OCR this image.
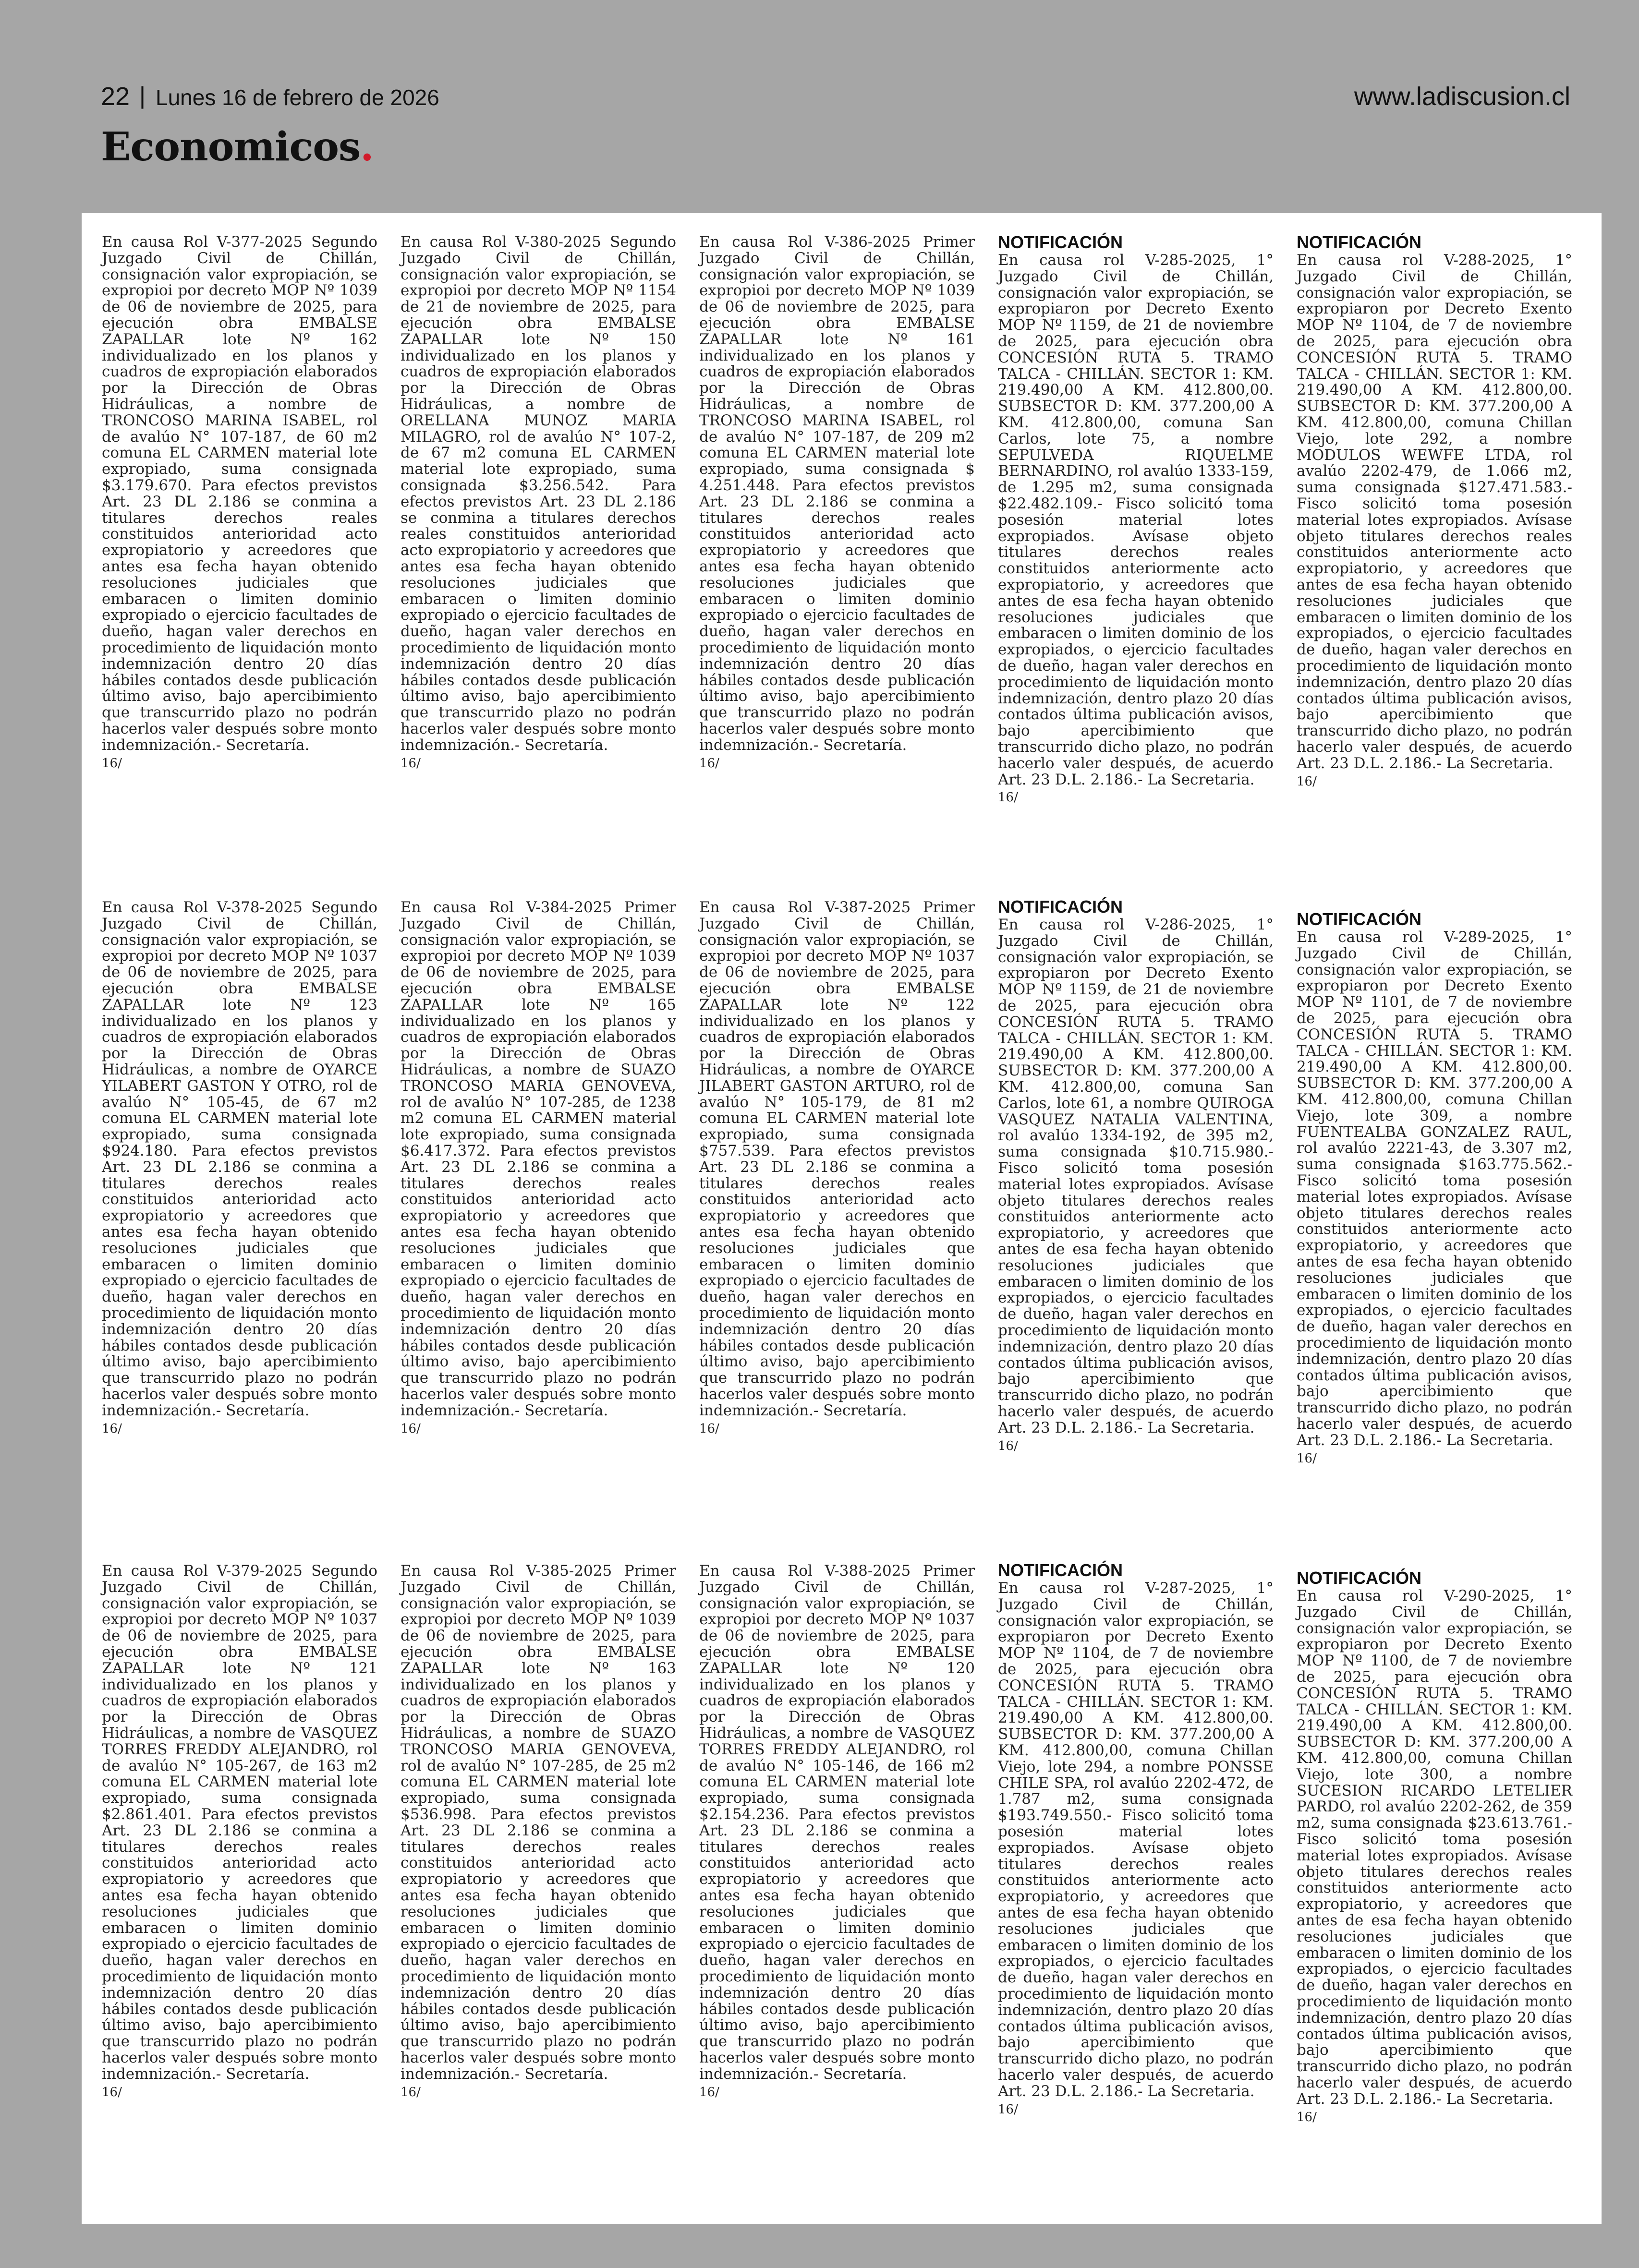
22 | Lunes 16 de febrero de 2026	www.ladiscusion.cl
Economicos.
En causa Rol V-377-2025 Segundo Juzgado Civil de Chillán, consignación valor expropiación, se expropioi por decreto MOP Nº 1039 de 06 de noviembre de 2025, para ejecución obra EMBALSE ZAPALLAR lote Nº 162 individualizado en los planos y cuadros de expropiación elaborados por la Dirección de Obras Hidráulicas, a nombre de TRONCOSO MARINA ISABEL, rol de avalúo N° 107-187, de 60 m2 comuna EL CARMEN material lote expropiado, suma consignada $3.179.670. Para efectos previstos Art. 23 DL 2.186 se conmina a titulares derechos reales constituidos anterioridad acto expropiatorio y acreedores que antes esa fecha hayan obtenido resoluciones judiciales que embaracen o limiten dominio expropiado o ejercicio facultades de dueño, hagan valer derechos en procedimiento de liquidación monto indemnización dentro 20 días hábiles contados desde publicación último aviso, bajo apercibimiento que transcurrido plazo no podrán hacerlos valer después sobre monto indemnización.- Secretaría.
16/
En causa Rol V-378-2025 Segundo Juzgado Civil de Chillán, consignación valor expropiación, se expropioi por decreto MOP Nº 1037 de 06 de noviembre de 2025, para ejecución obra EMBALSE ZAPALLAR lote Nº 123 individualizado en los planos y cuadros de expropiación elaborados por la Dirección de Obras Hidráulicas, a nombre de OYARCE YILABERT GASTON Y OTRO, rol de avalúo N° 105-45, de 67 m2 comuna EL CARMEN material lote expropiado, suma consignada $924.180. Para efectos previstos Art. 23 DL 2.186 se conmina a titulares derechos reales constituidos anterioridad acto expropiatorio y acreedores que antes esa fecha hayan obtenido resoluciones judiciales que embaracen o limiten dominio expropiado o ejercicio facultades de dueño, hagan valer derechos en procedimiento de liquidación monto indemnización dentro 20 días hábiles contados desde publicación último aviso, bajo apercibimiento que transcurrido plazo no podrán hacerlos valer después sobre monto indemnización.- Secretaría.
16/
En causa Rol V-379-2025 Segundo Juzgado Civil de Chillán, consignación valor expropiación, se expropioi por decreto MOP Nº 1037 de 06 de noviembre de 2025, para ejecución obra EMBALSE ZAPALLAR lote Nº 121 individualizado en los planos y cuadros de expropiación elaborados por la Dirección de Obras Hidráulicas, a nombre de VASQUEZ TORRES FREDDY ALEJANDRO, rol de avalúo N° 105-267, de 163 m2 comuna EL CARMEN material lote expropiado, suma consignada $2.861.401. Para efectos previstos Art. 23 DL 2.186 se conmina a titulares derechos reales constituidos anterioridad acto expropiatorio y acreedores que antes esa fecha hayan obtenido resoluciones judiciales que embaracen o limiten dominio expropiado o ejercicio facultades de dueño, hagan valer derechos en procedimiento de liquidación monto indemnización dentro 20 días hábiles contados desde publicación último aviso, bajo apercibimiento que transcurrido plazo no podrán hacerlos valer después sobre monto indemnización.- Secretaría.
16/
En causa Rol V-380-2025 Segundo Juzgado Civil de Chillán, consignación valor expropiación, se expropioi por decreto MOP Nº 1154 de 21 de noviembre de 2025, para ejecución obra EMBALSE ZAPALLAR lote Nº 150 individualizado en los planos y cuadros de expropiación elaborados por la Dirección de Obras Hidráulicas, a nombre de ORELLANA MUNOZ MARIA MILAGRO, rol de avalúo N° 107-2, de 67 m2 comuna EL CARMEN material lote expropiado, suma consignada $3.256.542. Para efectos previstos Art. 23 DL 2.186 se conmina a titulares derechos reales constituidos anterioridad acto expropiatorio y acreedores que antes esa fecha hayan obtenido resoluciones judiciales que embaracen o limiten dominio expropiado o ejercicio facultades de dueño, hagan valer derechos en procedimiento de liquidación monto indemnización dentro 20 días hábiles contados desde publicación último aviso, bajo apercibimiento que transcurrido plazo no podrán hacerlos valer después sobre monto indemnización.- Secretaría.
16/
En causa Rol V-384-2025 Primer Juzgado Civil de Chillán, consignación valor expropiación, se expropioi por decreto MOP Nº 1039 de 06 de noviembre de 2025, para ejecución obra EMBALSE ZAPALLAR lote Nº 165 individualizado en los planos y cuadros de expropiación elaborados por la Dirección de Obras Hidráulicas, a nombre de SUAZO TRONCOSO MARIA GENOVEVA, rol de avalúo N° 107-285, de 1238 m2 comuna EL CARMEN material lote expropiado, suma consignada $6.417.372. Para efectos previstos Art. 23 DL 2.186 se conmina a titulares derechos reales constituidos anterioridad acto expropiatorio y acreedores que antes esa fecha hayan obtenido resoluciones judiciales que embaracen o limiten dominio expropiado o ejercicio facultades de dueño, hagan valer derechos en procedimiento de liquidación monto indemnización dentro 20 días hábiles contados desde publicación último aviso, bajo apercibimiento que transcurrido plazo no podrán hacerlos valer después sobre monto indemnización.- Secretaría.
16/
En causa Rol V-385-2025 Primer Juzgado Civil de Chillán, consignación valor expropiación, se expropioi por decreto MOP Nº 1039 de 06 de noviembre de 2025, para ejecución obra EMBALSE ZAPALLAR lote Nº 163 individualizado en los planos y cuadros de expropiación elaborados por la Dirección de Obras Hidráulicas, a nombre de SUAZO TRONCOSO MARIA GENOVEVA, rol de avalúo N° 107-285, de 25 m2 comuna EL CARMEN material lote expropiado, suma consignada $536.998. Para efectos previstos Art. 23 DL 2.186 se conmina a titulares derechos reales constituidos anterioridad acto expropiatorio y acreedores que antes esa fecha hayan obtenido resoluciones judiciales que embaracen o limiten dominio expropiado o ejercicio facultades de dueño, hagan valer derechos en procedimiento de liquidación monto indemnización dentro 20 días hábiles contados desde publicación último aviso, bajo apercibimiento que transcurrido plazo no podrán hacerlos valer después sobre monto indemnización.- Secretaría.
16/
En causa Rol V-386-2025 Primer Juzgado Civil de Chillán, consignación valor expropiación, se expropioi por decreto MOP Nº 1039 de 06 de noviembre de 2025, para ejecución obra EMBALSE ZAPALLAR lote Nº 161 individualizado en los planos y cuadros de expropiación elaborados por la Dirección de Obras Hidráulicas, a nombre de TRONCOSO MARINA ISABEL, rol de avalúo N° 107-187, de 209 m2 comuna EL CARMEN material lote expropiado, suma consignada $ 4.251.448. Para efectos previstos Art. 23 DL 2.186 se conmina a titulares derechos reales constituidos anterioridad acto expropiatorio y acreedores que antes esa fecha hayan obtenido resoluciones judiciales que embaracen o limiten dominio expropiado o ejercicio facultades de dueño, hagan valer derechos en procedimiento de liquidación monto indemnización dentro 20 días hábiles contados desde publicación último aviso, bajo apercibimiento que transcurrido plazo no podrán hacerlos valer después sobre monto indemnización.- Secretaría.
16/
En causa Rol V-387-2025 Primer Juzgado Civil de Chillán, consignación valor expropiación, se expropioi por decreto MOP Nº 1037 de 06 de noviembre de 2025, para ejecución obra EMBALSE ZAPALLAR lote Nº 122 individualizado en los planos y cuadros de expropiación elaborados por la Dirección de Obras Hidráulicas, a nombre de OYARCE JILABERT GASTON ARTURO, rol de avalúo N° 105-179, de 81 m2 comuna EL CARMEN material lote expropiado, suma consignada $757.539. Para efectos previstos Art. 23 DL 2.186 se conmina a titulares derechos reales constituidos anterioridad acto expropiatorio y acreedores que antes esa fecha hayan obtenido resoluciones judiciales que embaracen o limiten dominio expropiado o ejercicio facultades de dueño, hagan valer derechos en procedimiento de liquidación monto indemnización dentro 20 días hábiles contados desde publicación último aviso, bajo apercibimiento que transcurrido plazo no podrán hacerlos valer después sobre monto indemnización.- Secretaría.
16/
En causa Rol V-388-2025 Primer Juzgado Civil de Chillán, consignación valor expropiación, se expropioi por decreto MOP Nº 1037 de 06 de noviembre de 2025, para ejecución obra EMBALSE ZAPALLAR lote Nº 120 individualizado en los planos y cuadros de expropiación elaborados por la Dirección de Obras Hidráulicas, a nombre de VASQUEZ TORRES FREDDY ALEJANDRO, rol de avalúo N° 105-146, de 166 m2 comuna EL CARMEN material lote expropiado, suma consignada $2.154.236. Para efectos previstos Art. 23 DL 2.186 se conmina a titulares derechos reales constituidos anterioridad acto expropiatorio y acreedores que antes esa fecha hayan obtenido resoluciones judiciales que embaracen o limiten dominio expropiado o ejercicio facultades de dueño, hagan valer derechos en procedimiento de liquidación monto indemnización dentro 20 días hábiles contados desde publicación último aviso, bajo apercibimiento que transcurrido plazo no podrán hacerlos valer después sobre monto indemnización.- Secretaría.
16/
NOTIFICACIÓN
En causa rol V-285-2025, 1° Juzgado Civil de Chillán, consignación valor expropiación, se expropiaron por Decreto Exento MOP Nº 1159, de 21 de noviembre de 2025, para ejecución obra CONCESIÓN RUTA 5. TRAMO TALCA - CHILLÁN. SECTOR 1: KM. 219.490,00 A KM. 412.800,00. SUBSECTOR D: KM. 377.200,00 A KM. 412.800,00, comuna San Carlos, lote 75, a nombre SEPULVEDA RIQUELME BERNARDINO, rol avalúo 1333-159, de 1.295 m2, suma consignada $22.482.109.- Fisco solicitó toma posesión material lotes expropiados. Avísase objeto titulares derechos reales constituidos anteriormente acto expropiatorio, y acreedores que antes de esa fecha hayan obtenido resoluciones judiciales que embaracen o limiten dominio de los expropiados, o ejercicio facultades de dueño, hagan valer derechos en procedimiento de liquidación monto indemnización, dentro plazo 20 días contados última publicación avisos, bajo apercibimiento que transcurrido dicho plazo, no podrán hacerlo valer después, de acuerdo Art. 23 D.L. 2.186.- La Secretaria.
16/
NOTIFICACIÓN
En causa rol V-286-2025, 1° Juzgado Civil de Chillán, consignación valor expropiación, se expropiaron por Decreto Exento MOP Nº 1159, de 21 de noviembre de 2025, para ejecución obra CONCESIÓN RUTA 5. TRAMO TALCA - CHILLÁN. SECTOR 1: KM. 219.490,00 A KM. 412.800,00. SUBSECTOR D: KM. 377.200,00 A KM. 412.800,00, comuna San Carlos, lote 61, a nombre QUIROGA VASQUEZ NATALIA VALENTINA, rol avalúo 1334-192, de 395 m2, suma consignada $10.715.980.- Fisco solicitó toma posesión material lotes expropiados. Avísase objeto titulares derechos reales constituidos anteriormente acto expropiatorio, y acreedores que antes de esa fecha hayan obtenido resoluciones judiciales que embaracen o limiten dominio de los expropiados, o ejercicio facultades de dueño, hagan valer derechos en procedimiento de liquidación monto indemnización, dentro plazo 20 días contados última publicación avisos, bajo apercibimiento que transcurrido dicho plazo, no podrán hacerlo valer después, de acuerdo Art. 23 D.L. 2.186.- La Secretaria.
16/
NOTIFICACIÓN
En causa rol V-287-2025, 1° Juzgado Civil de Chillán, consignación valor expropiación, se expropiaron por Decreto Exento MOP Nº 1104, de 7 de noviembre de 2025, para ejecución obra CONCESIÓN RUTA 5. TRAMO TALCA - CHILLÁN. SECTOR 1: KM. 219.490,00 A KM. 412.800,00. SUBSECTOR D: KM. 377.200,00 A KM. 412.800,00, comuna Chillan Viejo, lote 294, a nombre PONSSE CHILE SPA, rol avalúo 2202-472, de 1.787 m2, suma consignada $193.749.550.- Fisco solicitó toma posesión material lotes expropiados. Avísase objeto titulares derechos reales constituidos anteriormente acto expropiatorio, y acreedores que antes de esa fecha hayan obtenido resoluciones judiciales que embaracen o limiten dominio de los expropiados, o ejercicio facultades de dueño, hagan valer derechos en procedimiento de liquidación monto indemnización, dentro plazo 20 días contados última publicación avisos, bajo apercibimiento que transcurrido dicho plazo, no podrán hacerlo valer después, de acuerdo Art. 23 D.L. 2.186.- La Secretaria.
16/
NOTIFICACIÓN
En causa rol V-288-2025, 1° Juzgado Civil de Chillán, consignación valor expropiación, se expropiaron por Decreto Exento MOP Nº 1104, de 7 de noviembre de 2025, para ejecución obra CONCESIÓN RUTA 5. TRAMO TALCA - CHILLÁN. SECTOR 1: KM. 219.490,00 A KM. 412.800,00. SUBSECTOR D: KM. 377.200,00 A KM. 412.800,00, comuna Chillan Viejo, lote 292, a nombre MODULOS WEWFE LTDA, rol avalúo 2202-479, de 1.066 m2, suma consignada $127.471.583.- Fisco solicitó toma posesión material lotes expropiados. Avísase objeto titulares derechos reales constituidos anteriormente acto expropiatorio, y acreedores que antes de esa fecha hayan obtenido resoluciones judiciales que embaracen o limiten dominio de los expropiados, o ejercicio facultades de dueño, hagan valer derechos en procedimiento de liquidación monto indemnización, dentro plazo 20 días contados última publicación avisos, bajo apercibimiento que transcurrido dicho plazo, no podrán hacerlo valer después, de acuerdo Art. 23 D.L. 2.186.- La Secretaria.
16/
NOTIFICACIÓN
En causa rol V-289-2025, 1° Juzgado Civil de Chillán, consignación valor expropiación, se expropiaron por Decreto Exento MOP Nº 1101, de 7 de noviembre de 2025, para ejecución obra CONCESIÓN RUTA 5. TRAMO TALCA - CHILLÁN. SECTOR 1: KM. 219.490,00 A KM. 412.800,00. SUBSECTOR D: KM. 377.200,00 A KM. 412.800,00, comuna Chillan Viejo, lote 309, a nombre FUENTEALBA GONZALEZ RAUL, rol avalúo 2221-43, de 3.307 m2, suma consignada $163.775.562.- Fisco solicitó toma posesión material lotes expropiados. Avísase objeto titulares derechos reales constituidos anteriormente acto expropiatorio, y acreedores que antes de esa fecha hayan obtenido resoluciones judiciales que embaracen o limiten dominio de los expropiados, o ejercicio facultades de dueño, hagan valer derechos en procedimiento de liquidación monto indemnización, dentro plazo 20 días contados última publicación avisos, bajo apercibimiento que transcurrido dicho plazo, no podrán hacerlo valer después, de acuerdo Art. 23 D.L. 2.186.- La Secretaria.
16/
NOTIFICACIÓN
En causa rol V-290-2025, 1° Juzgado Civil de Chillán, consignación valor expropiación, se expropiaron por Decreto Exento MOP Nº 1100, de 7 de noviembre de 2025, para ejecución obra CONCESIÓN RUTA 5. TRAMO TALCA - CHILLÁN. SECTOR 1: KM. 219.490,00 A KM. 412.800,00. SUBSECTOR D: KM. 377.200,00 A KM. 412.800,00, comuna Chillan Viejo, lote 300, a nombre SUCESION RICARDO LETELIER PARDO, rol avalúo 2202-262, de 359 m2, suma consignada $23.613.761.- Fisco solicitó toma posesión material lotes expropiados. Avísase objeto titulares derechos reales constituidos anteriormente acto expropiatorio, y acreedores que antes de esa fecha hayan obtenido resoluciones judiciales que embaracen o limiten dominio de los expropiados, o ejercicio facultades de dueño, hagan valer derechos en procedimiento de liquidación monto indemnización, dentro plazo 20 días contados última publicación avisos, bajo apercibimiento que transcurrido dicho plazo, no podrán hacerlo valer después, de acuerdo Art. 23 D.L. 2.186.- La Secretaria.
16/
